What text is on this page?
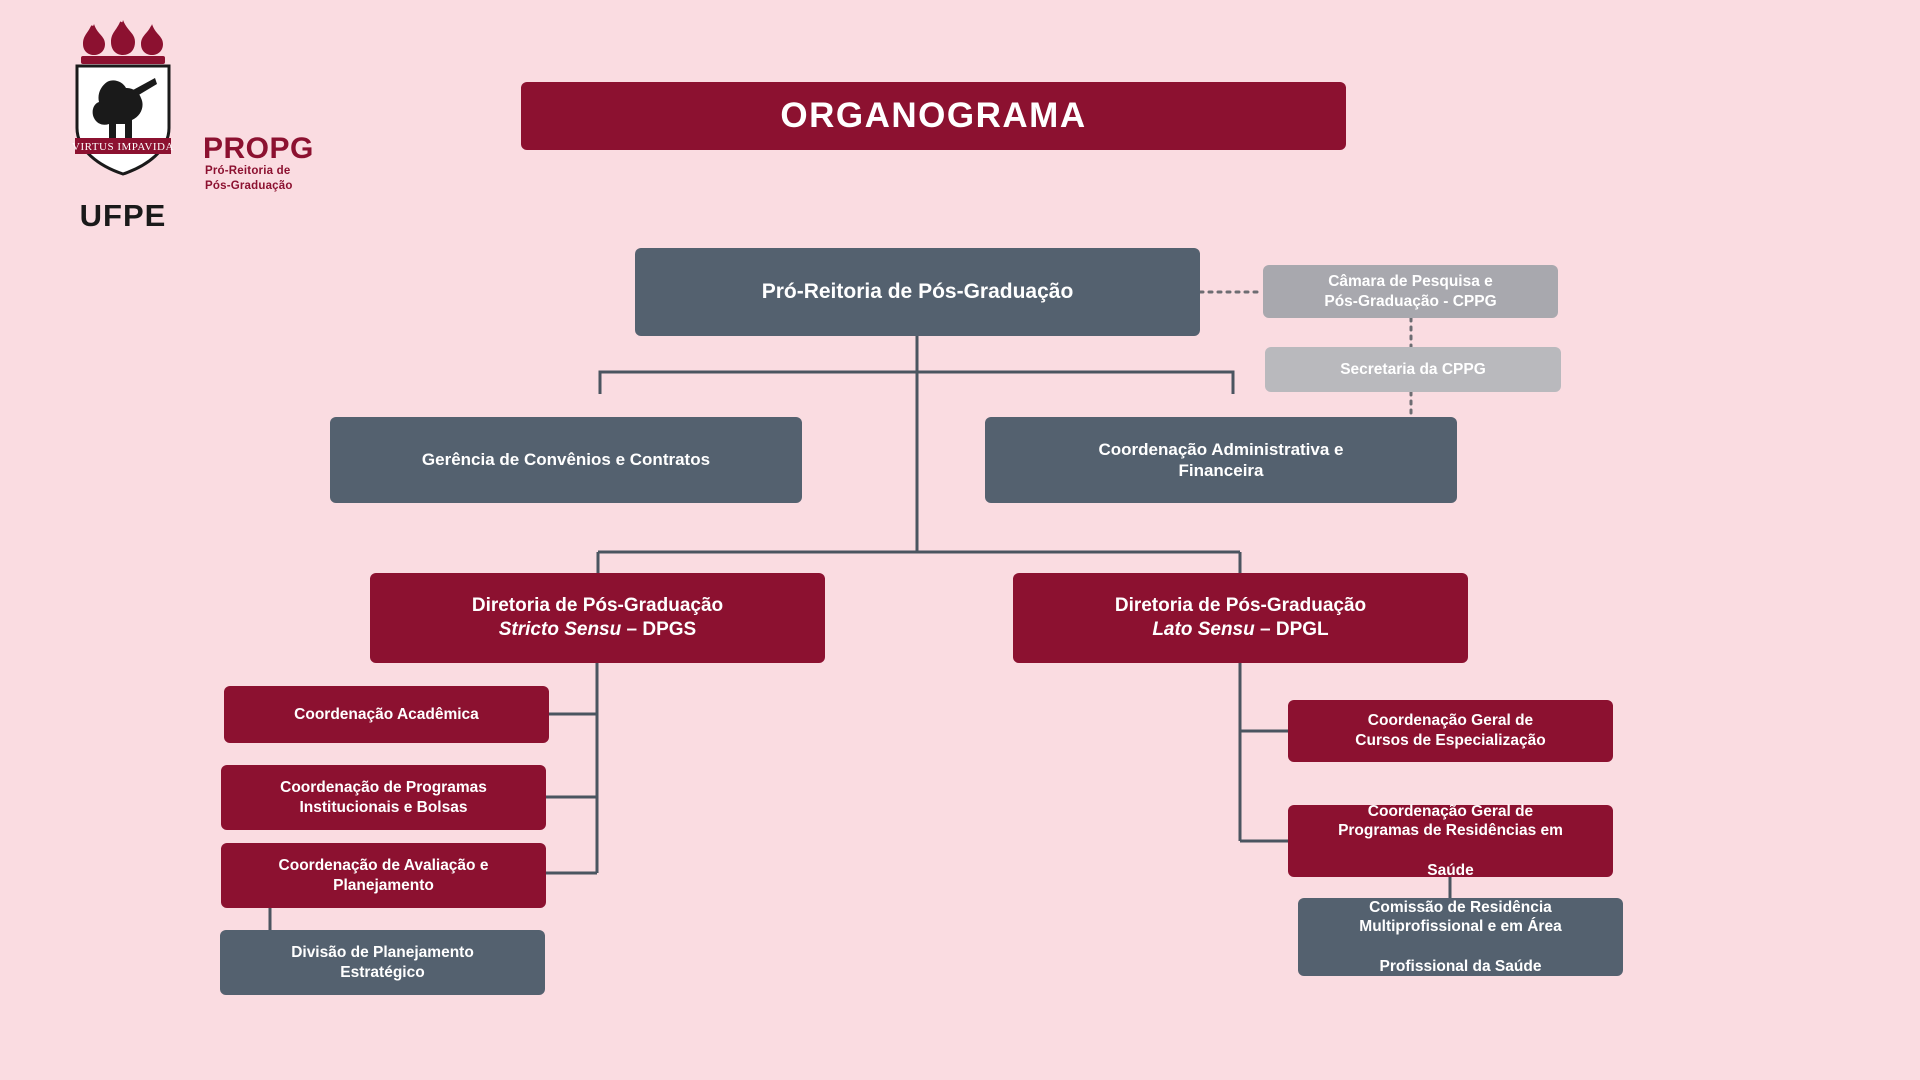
VIRTUS IMPAVIDA
UFPE
PROPG
Pró-Reitoria de
Pós-Graduação
ORGANOGRAMA
Pró-Reitoria de Pós-Graduação	Câmara de Pesquisa e

Pós-Graduação - CPPG
Secretaria da CPPG
Gerência de Convênios e Contratos
Coordenação Administrativa e

Financeira
Diretoria de Pós-Graduação
Stricto Sensu – DPGS
Diretoria de Pós-Graduação
Lato Sensu – DPGL
Coordenação Acadêmica
Coordenação de Programas

Institucionais e Bolsas
Coordenação de Avaliação e

Planejamento
Divisão de Planejamento

Estratégico
Coordenação Geral de

Cursos de Especialização
Coordenação Geral de

Programas de Residências em

Saúde
Comissão de Residência

Multiprofissional e em Área

Profissional da Saúde
